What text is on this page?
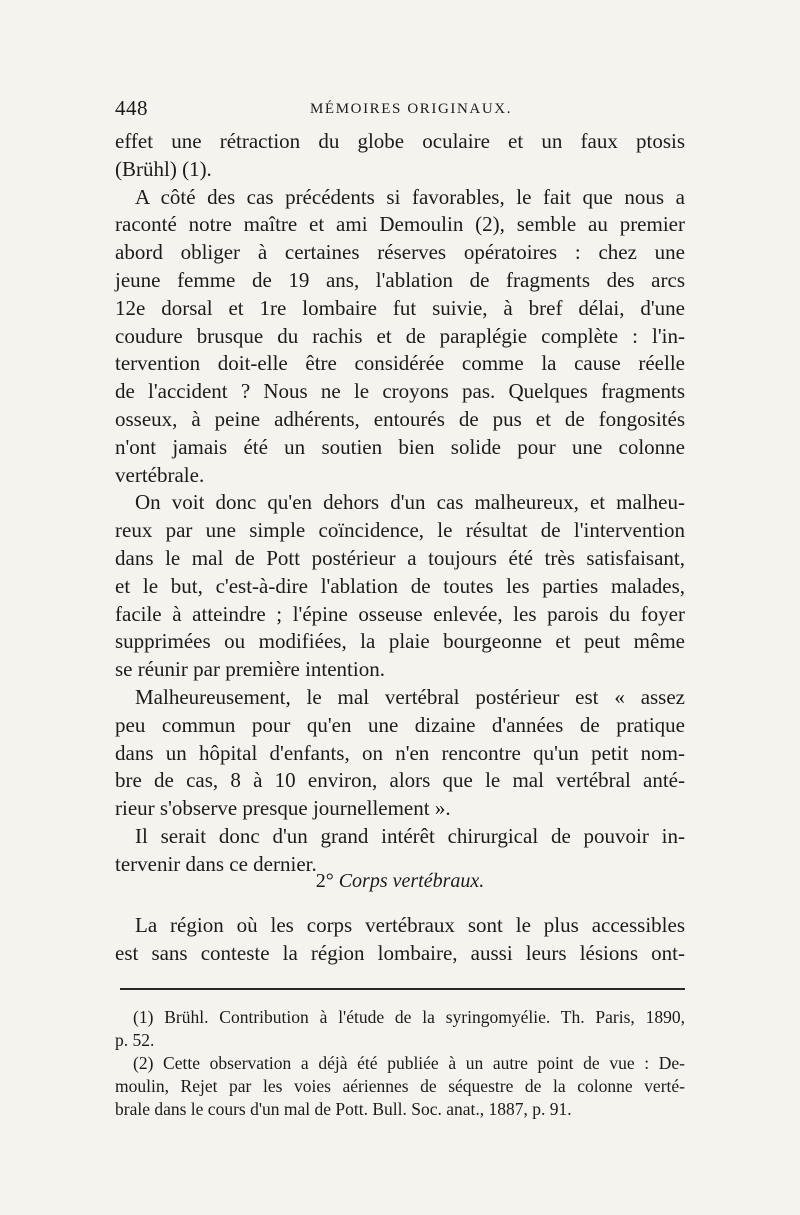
448	MÉMOIRES ORIGINAUX.
effet une rétraction du globe oculaire et un faux ptosis
(Brühl) (1).
A côté des cas précédents si favorables, le fait que nous a
raconté notre maître et ami Demoulin (2), semble au premier
abord obliger à certaines réserves opératoires : chez une
jeune femme de 19 ans, l'ablation de fragments des arcs
12e dorsal et 1re lombaire fut suivie, à bref délai, d'une
coudure brusque du rachis et de paraplégie complète : l'in-
tervention doit-elle être considérée comme la cause réelle
de l'accident ? Nous ne le croyons pas. Quelques fragments
osseux, à peine adhérents, entourés de pus et de fongosités
n'ont jamais été un soutien bien solide pour une colonne
vertébrale.
On voit donc qu'en dehors d'un cas malheureux, et malheu-
reux par une simple coïncidence, le résultat de l'intervention
dans le mal de Pott postérieur a toujours été très satisfaisant,
et le but, c'est-à-dire l'ablation de toutes les parties malades,
facile à atteindre ; l'épine osseuse enlevée, les parois du foyer
supprimées ou modifiées, la plaie bourgeonne et peut même
se réunir par première intention.
Malheureusement, le mal vertébral postérieur est « assez
peu commun pour qu'en une dizaine d'années de pratique
dans un hôpital d'enfants, on n'en rencontre qu'un petit nom-
bre de cas, 8 à 10 environ, alors que le mal vertébral anté-
rieur s'observe presque journellement ».
Il serait donc d'un grand intérêt chirurgical de pouvoir in-
tervenir dans ce dernier.
2° Corps vertébraux.
La région où les corps vertébraux sont le plus accessibles
est sans conteste la région lombaire, aussi leurs lésions ont-
(1) Brühl. Contribution à l'étude de la syringomyélie. Th. Paris, 1890,
p. 52.
(2) Cette observation a déjà été publiée à un autre point de vue : De-
moulin, Rejet par les voies aériennes de séquestre de la colonne verté-
brale dans le cours d'un mal de Pott. Bull. Soc. anat., 1887, p. 91.
